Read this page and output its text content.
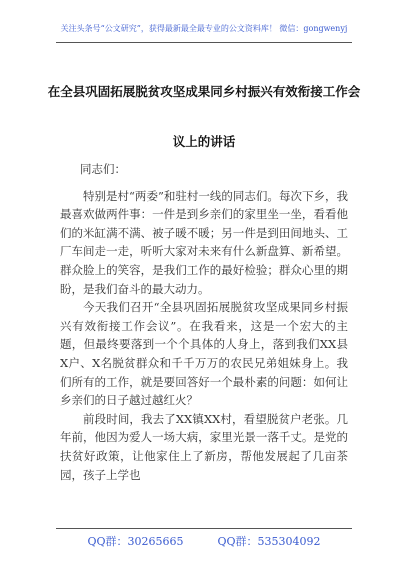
关注头条号“公文研究”，获得最新最全最专业的公文资料库！ 微信：gongwenyj
在全县巩固拓展脱贫攻坚成果同乡村振兴有效衔接工作会
议上的讲话

同志们：

特别是村“两委”和驻村一线的同志们。每次下乡，我最喜欢做两件事：一件是到乡亲们的家里坐一坐，看看他们的米缸满不满、被子暖不暖；另一件是到田间地头、工厂车间走一走，听听大家对未来有什么新盘算、新希望。群众脸上的笑容，是我们工作的最好检验；群众心里的期盼，是我们奋斗的最大动力。

今天我们召开“全县巩固拓展脱贫攻坚成果同乡村振兴有效衔接工作会议”。在我看来，这是一个宏大的主题，但最终要落到一个个具体的人身上，落到我们XX县X户、X名脱贫群众和千千万万的农民兄弟姐妹身上。我们所有的工作，就是要回答好一个最朴素的问题：如何让乡亲们的日子越过越红火？

前段时间，我去了XX镇XX村，看望脱贫户老张。几年前，他因为爱人一场大病，家里光景一落千丈。是党的扶贫好政策，让他家住上了新房，帮他发展起了几亩茶园，孩子上学也

QQ群：30265665	QQ群：535304092
